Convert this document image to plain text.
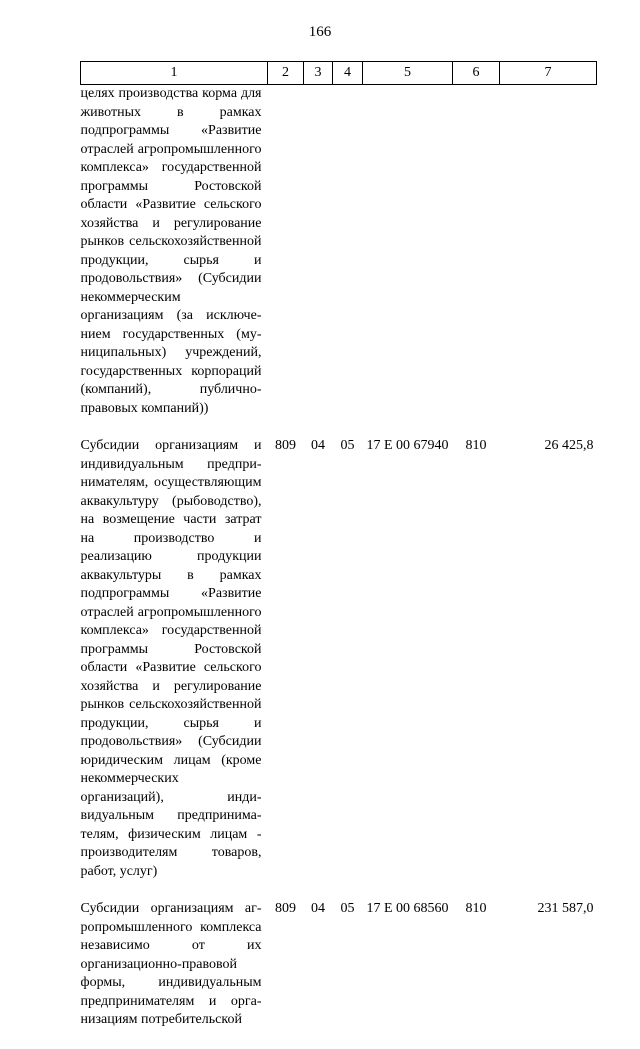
166
1	2	3	4	5	6	7
целях производства корма для животных в рамках подпрограммы «Развитие отраслей агропромышленного комплекса» государственной программы Ростовской области «Развитие сельского хозяйства и регулирование рынков сельскохозяйственной продукции, сырья и продовольствия» (Субсидии некоммерческим организациям (за исключением государственных (муниципальных) учреждений, государственных корпораций (компаний), публично-правовых компаний))						
Субсидии организациям и индивидуальным предпринимателям, осуществляющим аквакультуру (рыбоводство), на возмещение части затрат на производство и реализацию продукции аквакультуры в рамках подпрограммы «Развитие отраслей агропромышленного комплекса» государственной программы Ростовской области «Развитие сельского хозяйства и регулирование рынков сельскохозяйственной продукции, сырья и продовольствия» (Субсидии юридическим лицам (кроме некоммерческих организаций), индивидуальным предпринимателям, физическим лицам - производителям товаров, работ, услуг)	809	04	05	17 Е 00 67940	810	26 425,8
Субсидии организациям агропромышленного комплекса независимо от их организационно-правовой формы, индивидуальным предпринимателям и организациям потребительской	809	04	05	17 Е 00 68560	810	231 587,0
